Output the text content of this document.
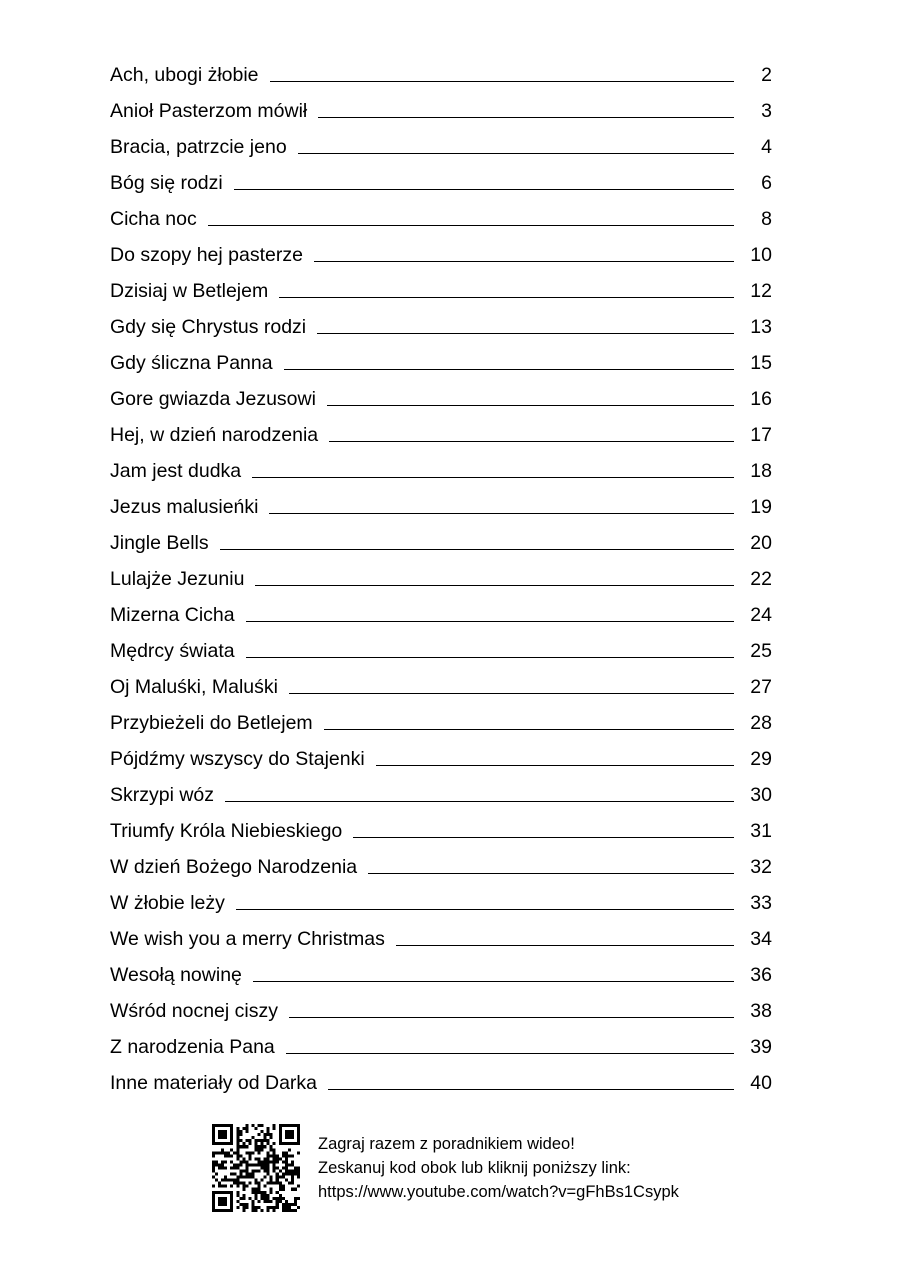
Ach, ubogi żłobie	2
Anioł Pasterzom mówił	3
Bracia, patrzcie jeno	4
Bóg się rodzi	6
Cicha noc	8
Do szopy hej pasterze	10
Dzisiaj w Betlejem	12
Gdy się Chrystus rodzi	13
Gdy śliczna Panna	15
Gore gwiazda Jezusowi	16
Hej, w dzień narodzenia	17
Jam jest dudka	18
Jezus malusieńki	19
Jingle Bells	20
Lulajże Jezuniu	22
Mizerna Cicha	24
Mędrcy świata	25
Oj Maluśki, Maluśki	27
Przybieżeli do Betlejem	28
Pójdźmy wszyscy do Stajenki	29
Skrzypi wóz	30
Triumfy Króla Niebieskiego	31
W dzień Bożego Narodzenia	32
W żłobie leży	33
We wish you a merry Christmas	34
Wesołą nowinę	36
Wśród nocnej ciszy	38
Z narodzenia Pana	39
Inne materiały od Darka	40
Zagraj razem z poradnikiem wideo!
Zeskanuj kod obok lub kliknij poniższy link:
https://www.youtube.com/watch?v=gFhBs1Csypk
